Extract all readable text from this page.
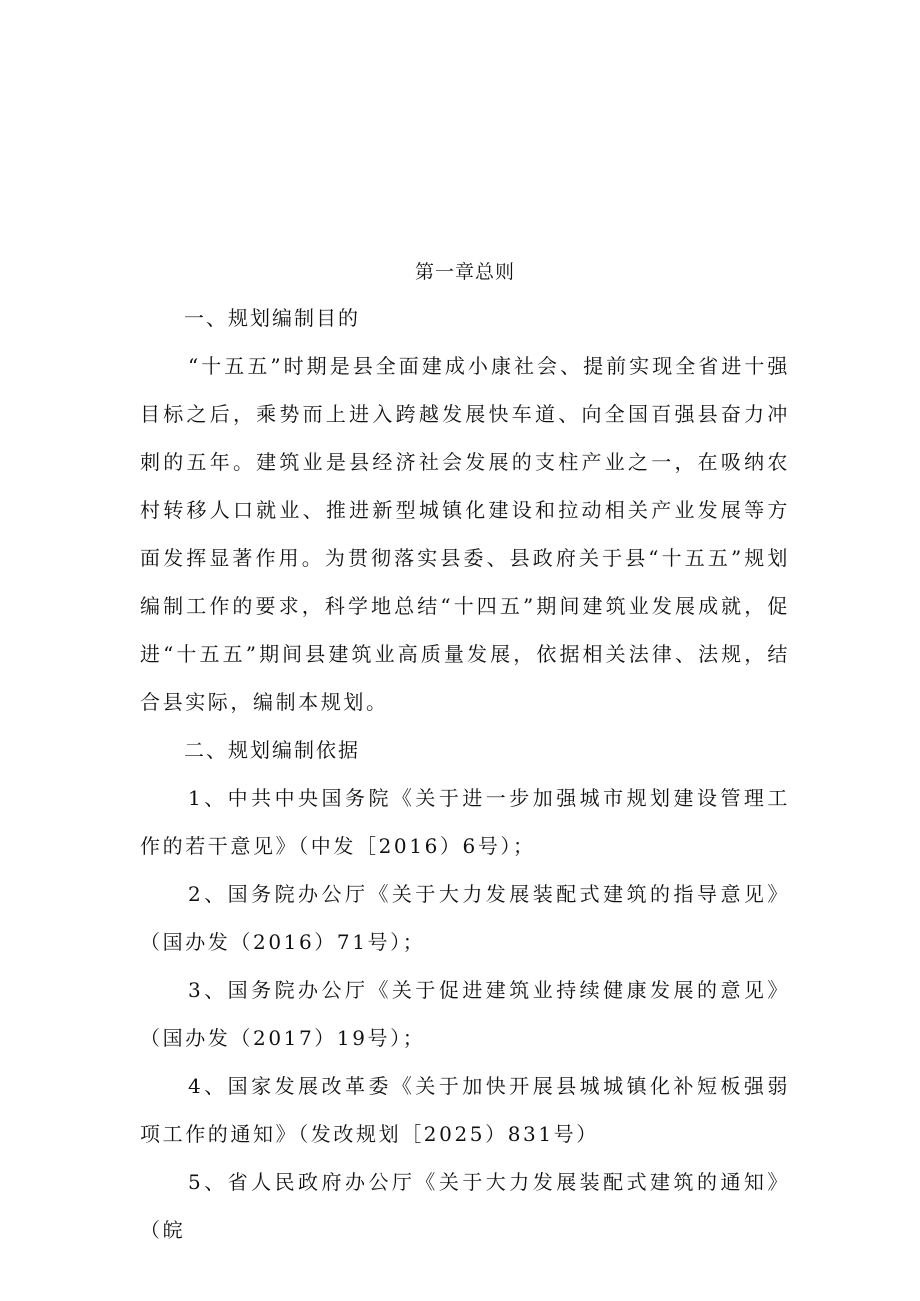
第一章总则
一、规划编制目的

“十五五”时期是县全面建成小康社会、提前实现全省进十强目标之后，乘势而上进入跨越发展快车道、向全国百强县奋力冲刺的五年。建筑业是县经济社会发展的支柱产业之一，在吸纳农村转移人口就业、推进新型城镇化建设和拉动相关产业发展等方面发挥显著作用。为贯彻落实县委、县政府关于县“十五五”规划编制工作的要求，科学地总结“十四五”期间建筑业发展成就，促进“十五五”期间县建筑业高质量发展，依据相关法律、法规，结合县实际，编制本规划。

二、规划编制依据

1、中共中央国务院《关于进一步加强城市规划建设管理工作的若干意见》（中发［2016）6号）；

2、国务院办公厅《关于大力发展装配式建筑的指导意见》（国办发（2016）71号）；

3、国务院办公厅《关于促进建筑业持续健康发展的意见》（国办发（2017）19号）；

4、国家发展改革委《关于加快开展县城城镇化补短板强弱项工作的通知》（发改规划［2025）831号）

5、省人民政府办公厅《关于大力发展装配式建筑的通知》（皖
